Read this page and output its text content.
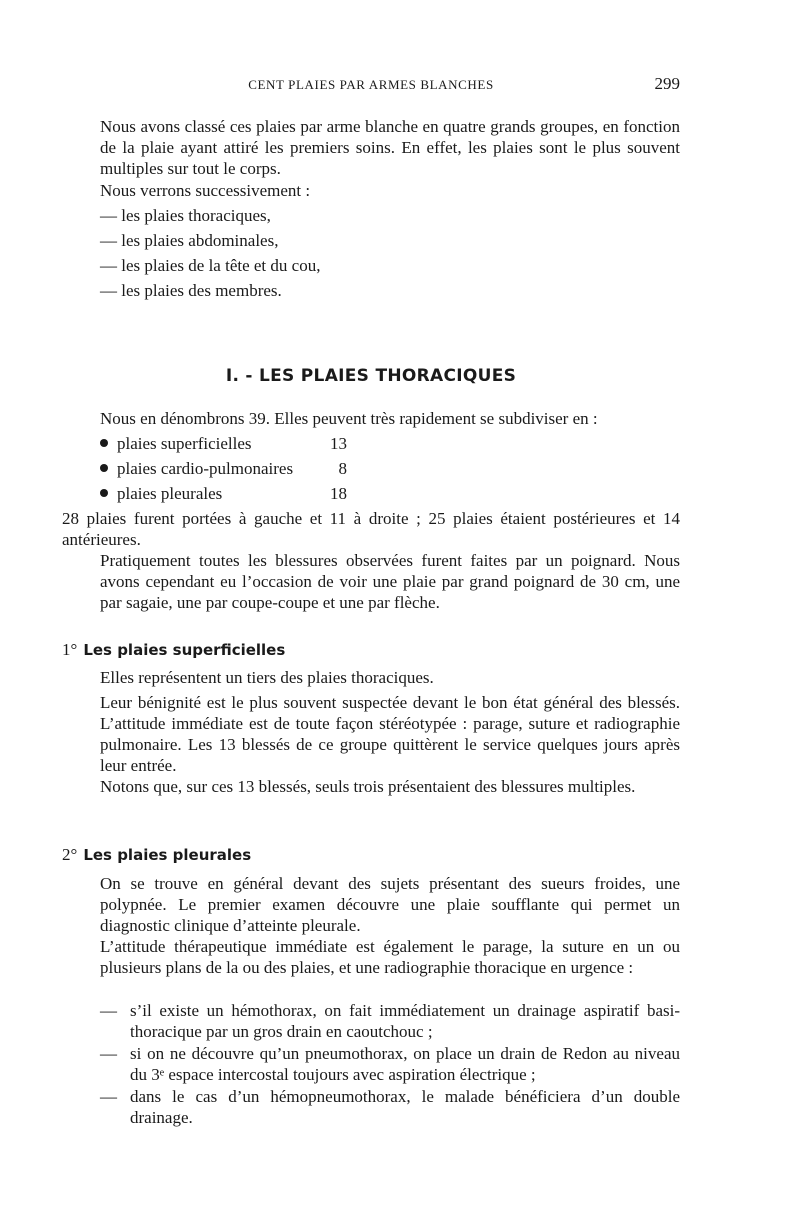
CENT PLAIES PAR ARMES BLANCHES	299

Nous avons classé ces plaies par arme blanche en quatre grands groupes, en fonction de la plaie ayant attiré les premiers soins. En effet, les plaies sont le plus souvent multiples sur tout le corps.

Nous verrons successivement :
— les plaies thoraciques,
— les plaies abdominales,
— les plaies de la tête et du cou,
— les plaies des membres.
I. - LES PLAIES THORACIQUES
Nous en dénombrons 39. Elles peuvent très rapidement se subdiviser en :
plaies superficielles	13
plaies cardio-pulmonaires	8
plaies pleurales	18

28 plaies furent portées à gauche et 11 à droite ; 25 plaies étaient postérieures et 14 antérieures.

Pratiquement toutes les blessures observées furent faites par un poignard. Nous avons cependant eu l’occasion de voir une plaie par grand poignard de 30 cm, une par sagaie, une par coupe-coupe et une par flèche.

1° Les plaies superficielles
Elles représentent un tiers des plaies thoraciques.

Leur bénignité est le plus souvent suspectée devant le bon état général des blessés. L’attitude immédiate est de toute façon stéréotypée : parage, suture et radiographie pulmonaire. Les 13 blessés de ce groupe quittèrent le service quelques jours après leur entrée.

Notons que, sur ces 13 blessés, seuls trois présentaient des blessures multiples.

2° Les plaies pleurales

On se trouve en général devant des sujets présentant des sueurs froides, une polypnée. Le premier examen découvre une plaie soufflante qui permet un diagnostic clinique d’atteinte pleurale.

L’attitude thérapeutique immédiate est également le parage, la suture en un ou plusieurs plans de la ou des plaies, et une radiographie thoracique en urgence :

— s’il existe un hémothorax, on fait immédiatement un drainage aspiratif basi-thoracique par un gros drain en caoutchouc ;
— si on ne découvre qu’un pneumothorax, on place un drain de Redon au niveau du 3ᵉ espace intercostal toujours avec aspiration électrique ;
— dans le cas d’un hémopneumothorax, le malade bénéficiera d’un double drainage.
